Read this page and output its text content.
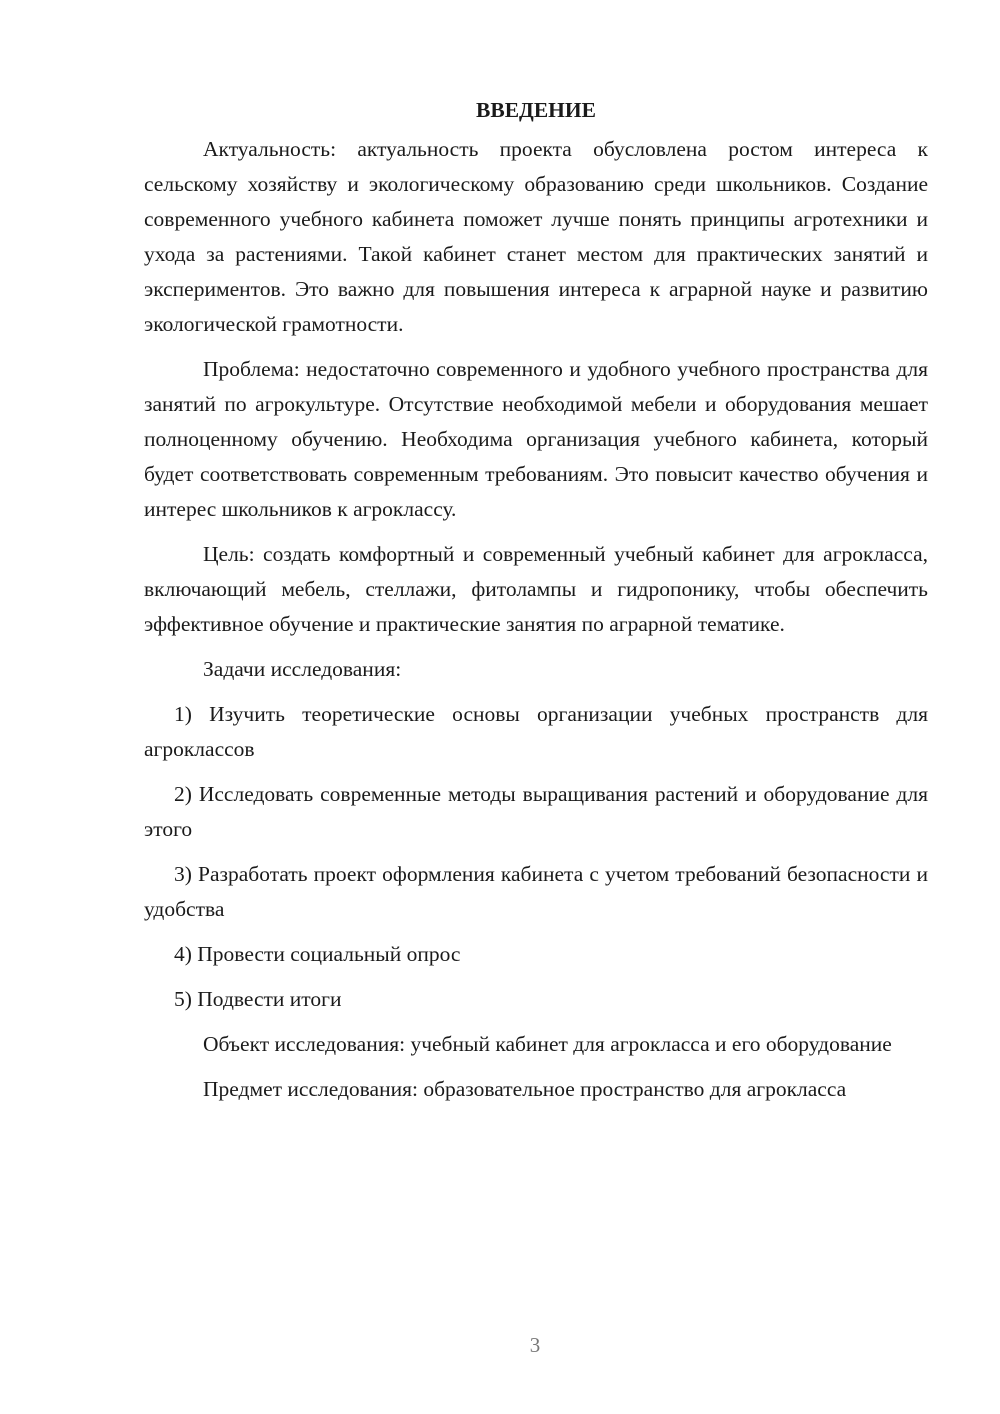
ВВЕДЕНИЕ

Актуальность: актуальность проекта обусловлена ростом интереса к сельскому хозяйству и экологическому образованию среди школьников. Создание современного учебного кабинета поможет лучше понять принципы агротехники и ухода за растениями. Такой кабинет станет местом для практических занятий и экспериментов. Это важно для повышения интереса к аграрной науке и развитию экологической грамотности.

Проблема: недостаточно современного и удобного учебного пространства для занятий по агрокультуре. Отсутствие необходимой мебели и оборудования мешает полноценному обучению. Необходима организация учебного кабинета, который будет соответствовать современным требованиям. Это повысит качество обучения и интерес школьников к агроклассу.

Цель: создать комфортный и современный учебный кабинет для агрокласса, включающий мебель, стеллажи, фитолампы и гидропонику, чтобы обеспечить эффективное обучение и практические занятия по аграрной тематике.

Задачи исследования:

1) Изучить теоретические основы организации учебных пространств для агроклассов

2) Исследовать современные методы выращивания растений и оборудование для этого

3) Разработать проект оформления кабинета с учетом требований безопасности и удобства

4) Провести социальный опрос

5) Подвести итоги

Объект исследования: учебный кабинет для агрокласса и его оборудование

Предмет исследования: образовательное пространство для агрокласса

3
